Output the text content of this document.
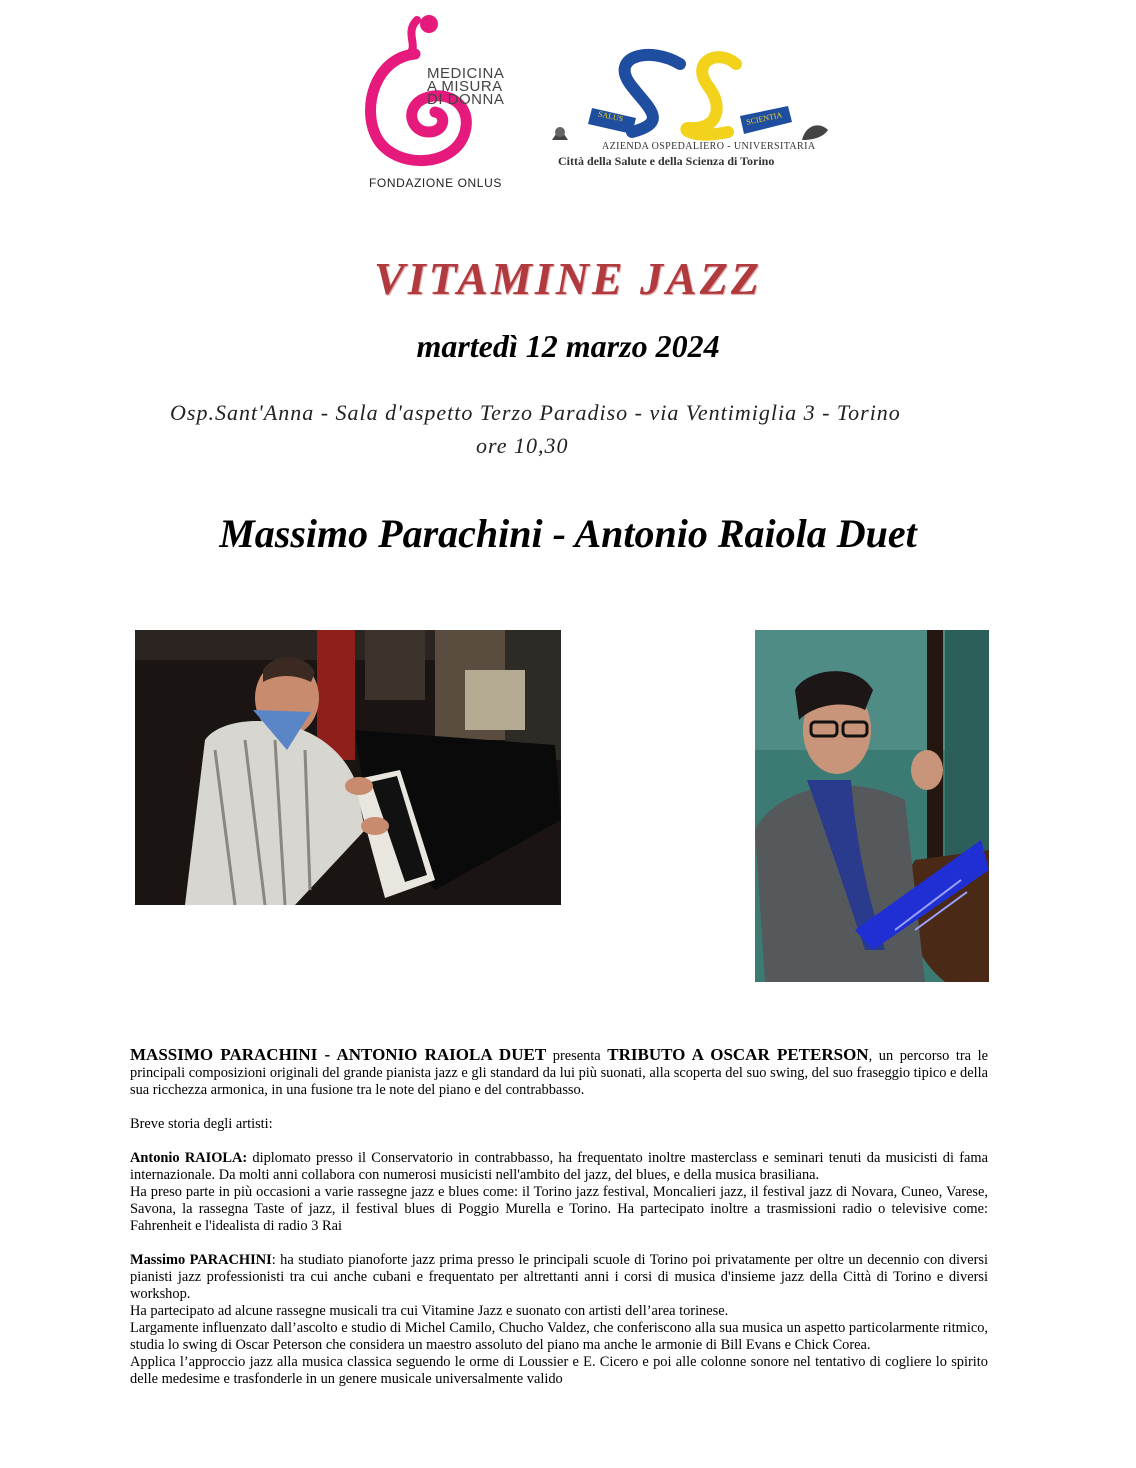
MEDICINA
A MISURA
DI DONNA
FONDAZIONE ONLUS
SALUS	SCIENTIA
AZIENDA OSPEDALIERO - UNIVERSITARIA
Città della Salute e della Scienza di Torino
VITAMINE JAZZ
martedì 12 marzo 2024
Osp.Sant'Anna - Sala d'aspetto Terzo Paradiso - via Ventimiglia 3 - Torino
ore 10,30
Massimo Parachini - Antonio Raiola Duet

MASSIMO PARACHINI - ANTONIO RAIOLA DUET presenta TRIBUTO A OSCAR PETERSON, un percorso tra le principali composizioni originali del grande pianista jazz e gli standard da lui più suonati, alla scoperta del suo swing, del suo fraseggio tipico e della sua ricchezza armonica, in una fusione tra le note del piano e del contrabbasso.

Breve storia degli artisti:

Antonio RAIOLA: diplomato presso il Conservatorio in contrabbasso, ha frequentato inoltre masterclass e seminari tenuti da musicisti di fama internazionale. Da molti anni collabora con numerosi musicisti nell'ambito del jazz, del blues, e della musica brasiliana.

Ha preso parte in più occasioni a varie rassegne jazz e blues come: il Torino jazz festival, Moncalieri jazz, il festival jazz di Novara, Cuneo, Varese, Savona, la rassegna Taste of jazz, il festival blues di Poggio Murella e Torino. Ha partecipato inoltre a trasmissioni radio o televisive come: Fahrenheit e l'idealista di radio 3 Rai

Massimo PARACHINI: ha studiato pianoforte jazz prima presso le principali scuole di Torino poi privatamente per oltre un decennio con diversi pianisti jazz professionisti tra cui anche cubani e frequentato per altrettanti anni i corsi di musica d'insieme jazz della Città di Torino e diversi workshop.

Ha partecipato ad alcune rassegne musicali tra cui Vitamine Jazz e suonato con artisti dell’area torinese.

Largamente influenzato dall’ascolto e studio di Michel Camilo, Chucho Valdez, che conferiscono alla sua musica un aspetto particolarmente ritmico, studia lo swing di Oscar Peterson che considera un maestro assoluto del piano ma anche le armonie di Bill Evans e Chick Corea.

Applica l’approccio jazz alla musica classica seguendo le orme di Loussier e E. Cicero e poi alle colonne sonore nel tentativo di cogliere lo spirito delle medesime e trasfonderle in un genere musicale universalmente valido
